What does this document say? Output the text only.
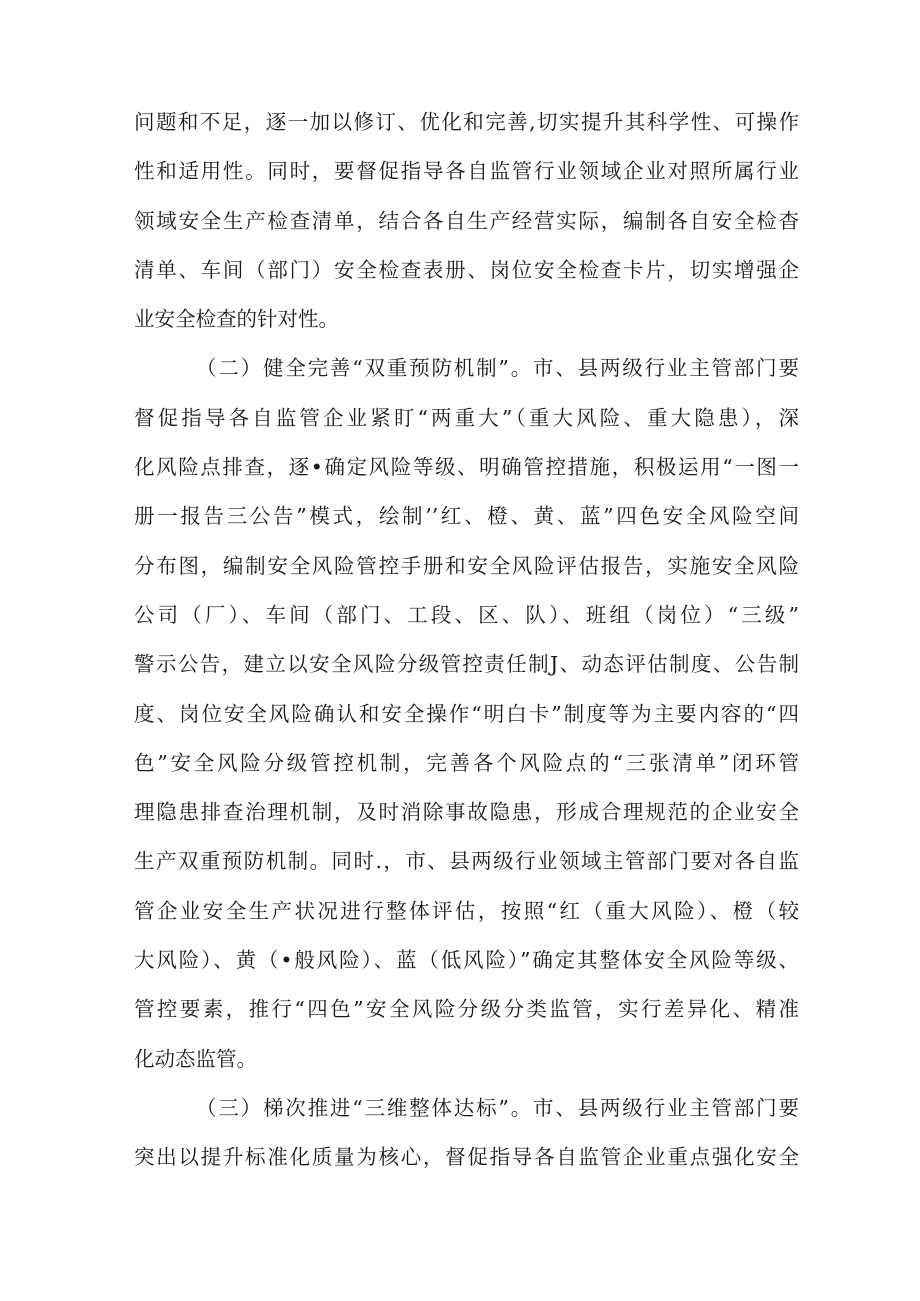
问题和不足，逐一加以修订、优化和完善,切实提升其科学性、可操作
性和适用性。同时，要督促指导各自监管行业领域企业对照所属行业
领域安全生产检查清单，结合各自生产经营实际，编制各自安全检杳
清单、车间（部门）安全检查表册、岗位安全检查卡片，切实增强企
业安全检查的针对性。
（二）健全完善“双重预防机制”。市、县两级行业主管部门要
督促指导各自监管企业紧盯“两重大”（重大风险、重大隐患），深
化风险点排查，逐•确定风险等级、明确管控措施，积极运用“一图一
册一报告三公告”模式，绘制’’红、橙、黄、蓝”四色安全风险空间
分布图，编制安全风险管控手册和安全风险评估报告，实施安全风险
公司（厂）、车间（部门、工段、区、队）、班组（岗位）“三级”
警示公告，建立以安全风险分级管控责任制J、动态评估制度、公告制
度、岗位安全风险确认和安全操作“明白卡”制度等为主要内容的“四
色”安全风险分级管控机制，完善各个风险点的“三张清单”闭环管
理隐患排查治理机制，及时消除事故隐患，形成合理规范的企业安全
生产双重预防机制。同时.，市、县两级行业领域主管部门要对各自监
管企业安全生产状况进行整体评估，按照“红（重大风险）、橙（较
大风险）、黄（•般风险）、蓝（低风险）”确定其整体安全风险等级、
管控要素，推行“四色”安全风险分级分类监管，实行差异化、精准
化动态监管。
（三）梯次推进“三维整体达标”。市、县两级行业主管部门要
突出以提升标准化质量为核心，督促指导各自监管企业重点强化安全
